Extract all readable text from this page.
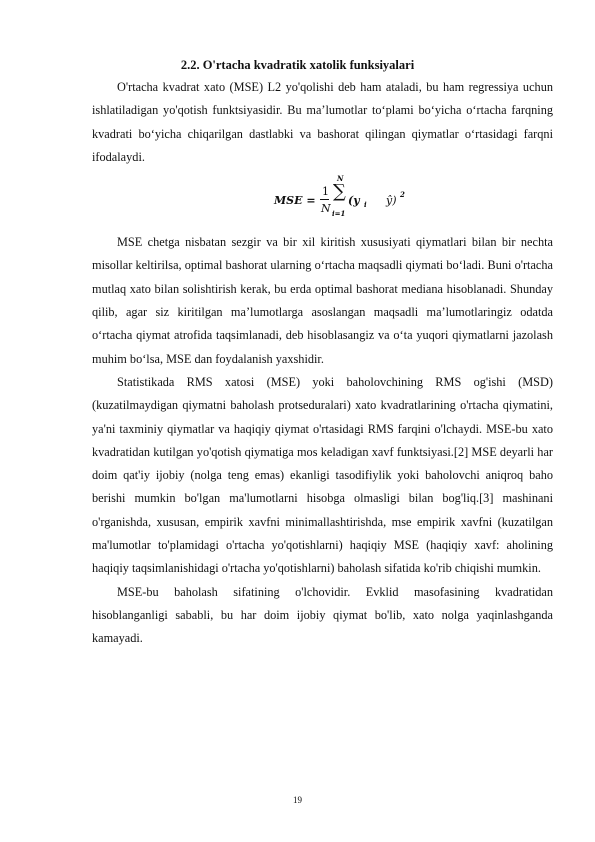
2.2. O'rtacha kvadratik xatolik funksiyalari

O'rtacha kvadrat xato (MSE) L2 yo'qolishi deb ham ataladi, bu ham regressiya uchun ishlatiladigan yo'qotish funktsiyasidir. Bu maʼlumotlar toʻplami boʻyicha oʻrtacha farqning kvadrati boʻyicha chiqarilgan dastlabki va bashorat qilingan qiymatlar oʻrtasidagi farqni ifodalaydi.

MSE =
1
N
N
∑
i=1
(y i ŷ) 2

MSE chetga nisbatan sezgir va bir xil kiritish xususiyati qiymatlari bilan bir nechta misollar keltirilsa, optimal bashorat ularning o‘rtacha maqsadli qiymati bo‘ladi. Buni o'rtacha mutlaq xato bilan solishtirish kerak, bu erda optimal bashorat mediana hisoblanadi. Shunday qilib, agar siz kiritilgan maʼlumotlarga asoslangan maqsadli maʼlumotlaringiz odatda oʻrtacha qiymat atrofida taqsimlanadi, deb hisoblasangiz va oʻta yuqori qiymatlarni jazolash muhim boʻlsa, MSE dan foydalanish yaxshidir.

Statistikada RMS xatosi (MSE) yoki baholovchining RMS og'ishi (MSD) (kuzatilmaydigan qiymatni baholash protseduralari) xato kvadratlarining o'rtacha qiymatini, ya'ni taxminiy qiymatlar va haqiqiy qiymat o'rtasidagi RMS farqini o'lchaydi. MSE-bu xato kvadratidan kutilgan yo'qotish qiymatiga mos keladigan xavf funktsiyasi.[2] MSE deyarli har doim qat'iy ijobiy (nolga teng emas) ekanligi tasodifiylik yoki baholovchi aniqroq baho berishi mumkin bo'lgan ma'lumotlarni hisobga olmasligi bilan bog'liq.[3] mashinani o'rganishda, xususan, empirik xavfni minimallashtirishda, mse empirik xavfni (kuzatilgan ma'lumotlar to'plamidagi o'rtacha yo'qotishlarni) haqiqiy MSE (haqiqiy xavf: aholining haqiqiy taqsimlanishidagi o'rtacha yo'qotishlarni) baholash sifatida ko'rib chiqishi mumkin.

MSE-bu baholash sifatining o'lchovidir. Evklid masofasining kvadratidan hisoblanganligi sababli, bu har doim ijobiy qiymat bo'lib, xato nolga yaqinlashganda kamayadi.

19
